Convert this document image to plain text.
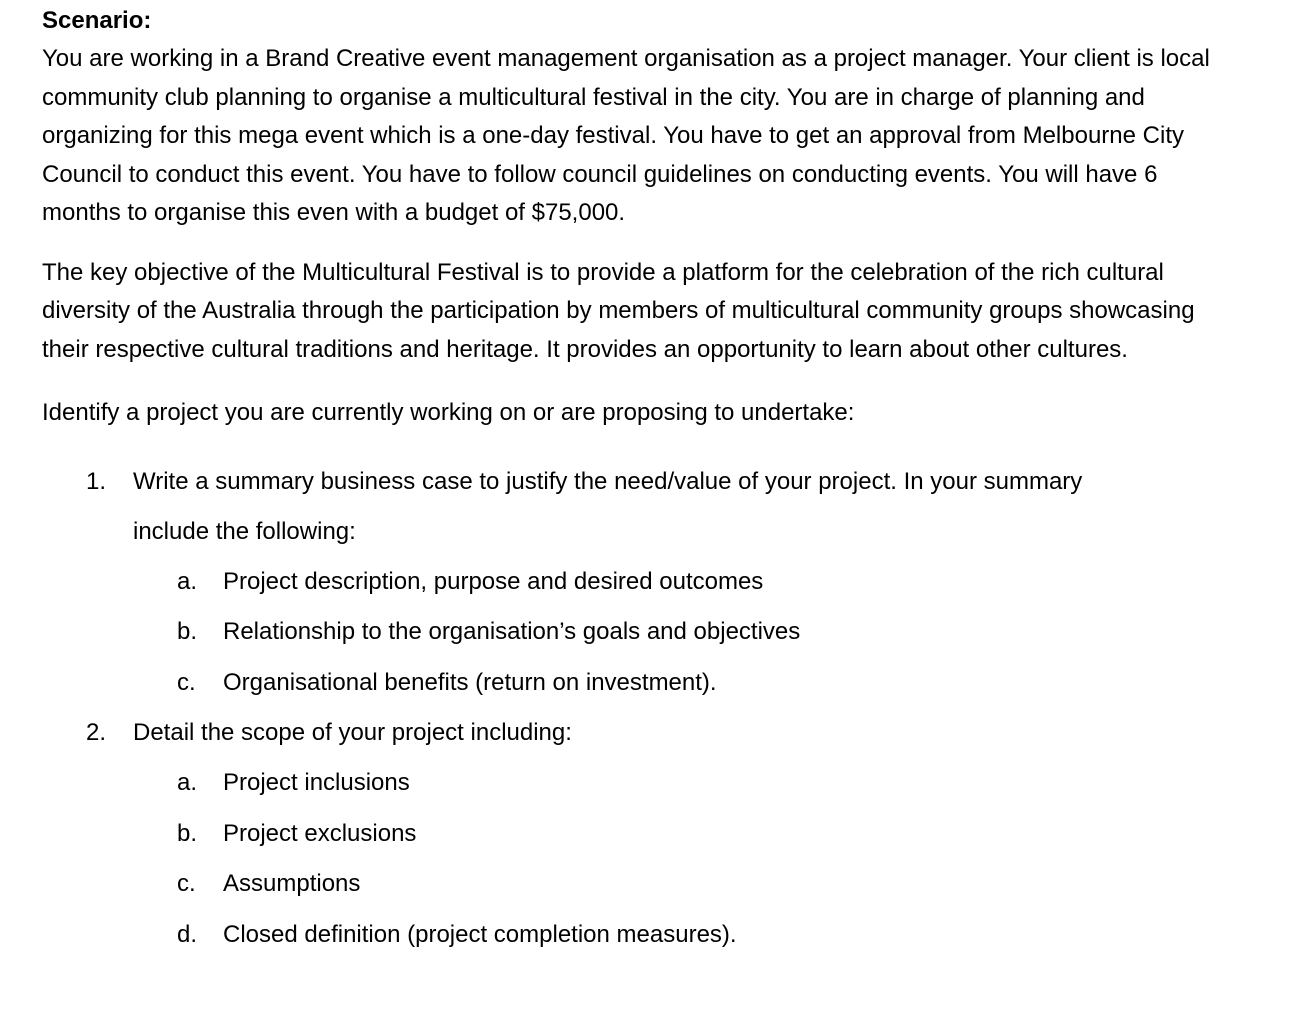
Scenario:

You are working in a Brand Creative event management organisation as a project manager. Your client is local community club planning to organise a multicultural festival in the city. You are in charge of planning and organizing for this mega event which is a one-day festival. You have to get an approval from Melbourne City Council to conduct this event. You have to follow council guidelines on conducting events. You will have 6 months to organise this even with a budget of $75,000.

The key objective of the Multicultural Festival is to provide a platform for the celebration of the rich cultural diversity of the Australia through the participation by members of multicultural community groups showcasing their respective cultural traditions and heritage. It provides an opportunity to learn about other cultures.

Identify a project you are currently working on or are proposing to undertake:

1. Write a summary business case to justify the need/value of your project. In your summary include the following:
a. Project description, purpose and desired outcomes
b. Relationship to the organisation’s goals and objectives
c. Organisational benefits (return on investment).
2. Detail the scope of your project including:
a. Project inclusions
b. Project exclusions
c. Assumptions
d. Closed definition (project completion measures).
